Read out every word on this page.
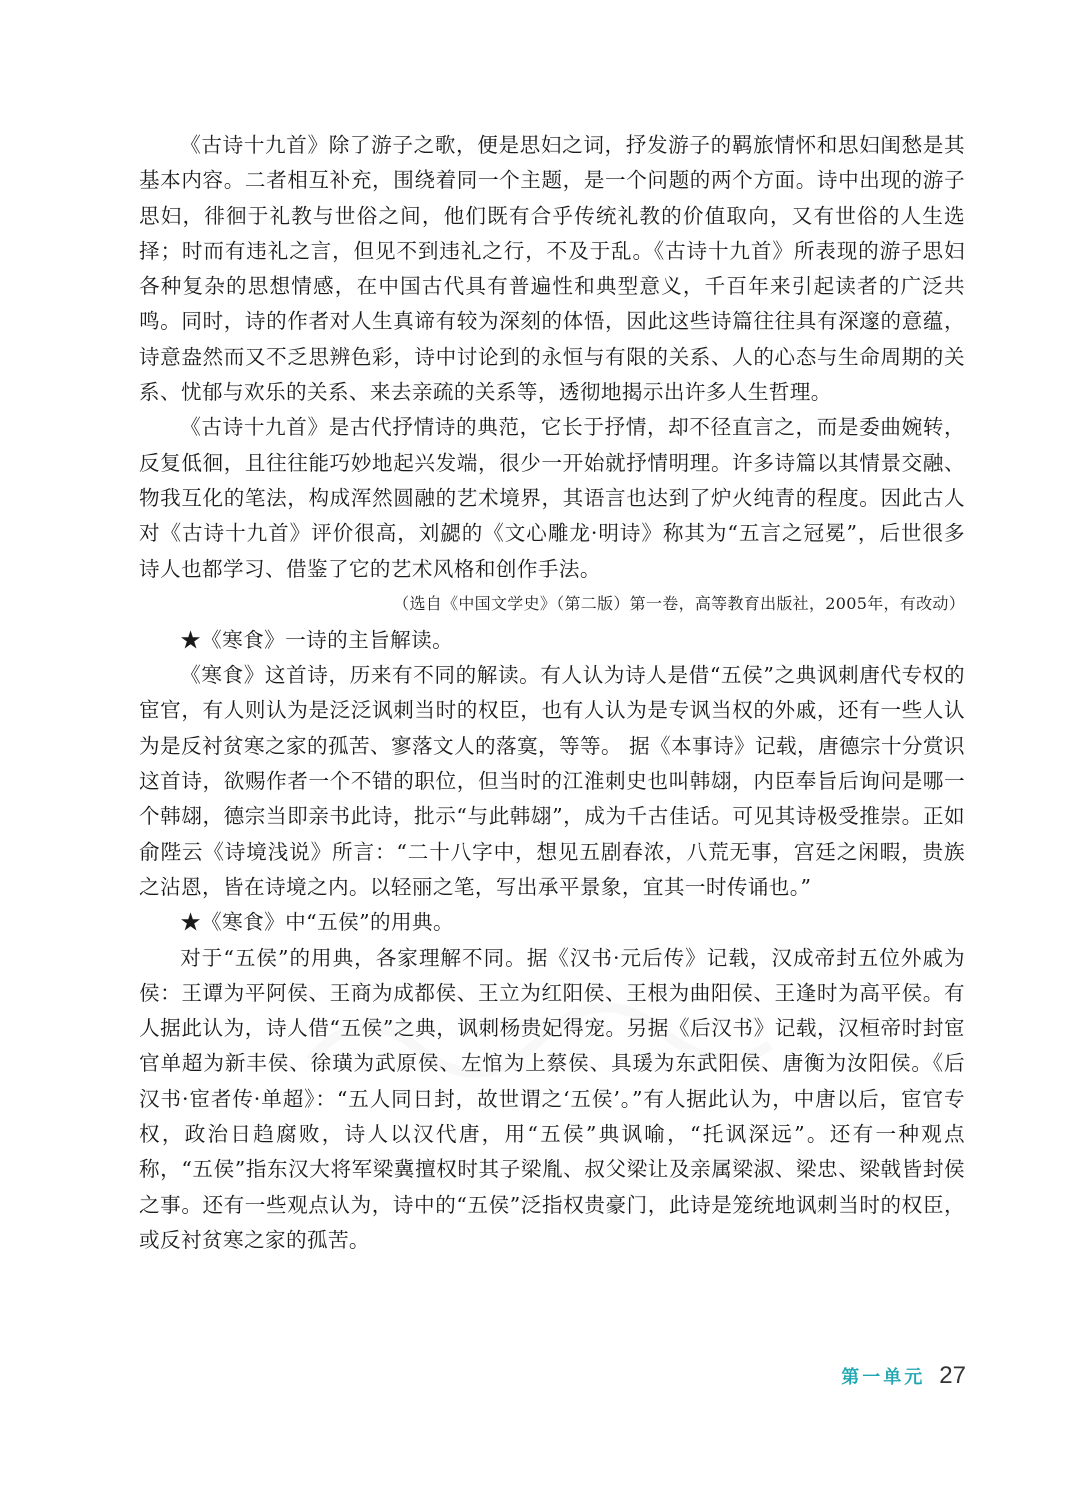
《古诗十九首》除了游子之歌，便是思妇之词，抒发游子的羁旅情怀和思妇闺愁是其基本内容。二者相互补充，围绕着同一个主题，是一个问题的两个方面。诗中出现的游子思妇，徘徊于礼教与世俗之间，他们既有合乎传统礼教的价值取向，又有世俗的人生选择；时而有违礼之言，但见不到违礼之行，不及于乱。《古诗十九首》所表现的游子思妇各种复杂的思想情感，在中国古代具有普遍性和典型意义，千百年来引起读者的广泛共鸣。同时，诗的作者对人生真谛有较为深刻的体悟，因此这些诗篇往往具有深邃的意蕴，诗意盎然而又不乏思辨色彩，诗中讨论到的永恒与有限的关系、人的心态与生命周期的关系、忧郁与欢乐的关系、来去亲疏的关系等，透彻地揭示出许多人生哲理。

《古诗十九首》是古代抒情诗的典范，它长于抒情，却不径直言之，而是委曲婉转，反复低徊，且往往能巧妙地起兴发端，很少一开始就抒情明理。许多诗篇以其情景交融、物我互化的笔法，构成浑然圆融的艺术境界，其语言也达到了炉火纯青的程度。因此古人对《古诗十九首》评价很高，刘勰的《文心雕龙·明诗》称其为“五言之冠冕”，后世很多诗人也都学习、借鉴了它的艺术风格和创作手法。

（选自《中国文学史》（第二版）第一卷，高等教育出版社，2005年，有改动）

★《寒食》一诗的主旨解读。

《寒食》这首诗，历来有不同的解读。有人认为诗人是借“五侯”之典讽刺唐代专权的宦官，有人则认为是泛泛讽刺当时的权臣，也有人认为是专讽当权的外戚，还有一些人认为是反衬贫寒之家的孤苦、寥落文人的落寞，等等。 据《本事诗》记载，唐德宗十分赏识这首诗，欲赐作者一个不错的职位，但当时的江淮刺史也叫韩翃，内臣奉旨后询问是哪一个韩翃，德宗当即亲书此诗，批示“与此韩翃”，成为千古佳话。可见其诗极受推崇。正如俞陛云《诗境浅说》所言：“二十八字中，想见五剧春浓，八荒无事，宫廷之闲暇，贵族之沾恩，皆在诗境之内。以轻丽之笔，写出承平景象，宜其一时传诵也。”

★《寒食》中“五侯”的用典。

对于“五侯”的用典，各家理解不同。据《汉书·元后传》记载，汉成帝封五位外戚为侯：王谭为平阿侯、王商为成都侯、王立为红阳侯、王根为曲阳侯、王逢时为高平侯。有人据此认为，诗人借“五侯”之典，讽刺杨贵妃得宠。另据《后汉书》记载，汉桓帝时封宦官单超为新丰侯、徐璜为武原侯、左悺为上蔡侯、具瑗为东武阳侯、唐衡为汝阳侯。《后汉书·宦者传·单超》：“五人同日封，故世谓之‘五侯’。”有人据此认为，中唐以后，宦官专权，政治日趋腐败，诗人以汉代唐，用“五侯”典讽喻，“托讽深远”。还有一种观点称，“五侯”指东汉大将军梁冀擅权时其子梁胤、叔父梁让及亲属梁淑、梁忠、梁戟皆封侯之事。还有一些观点认为，诗中的“五侯”泛指权贵豪门，此诗是笼统地讽刺当时的权臣，或反衬贫寒之家的孤苦。

第一单元 27
